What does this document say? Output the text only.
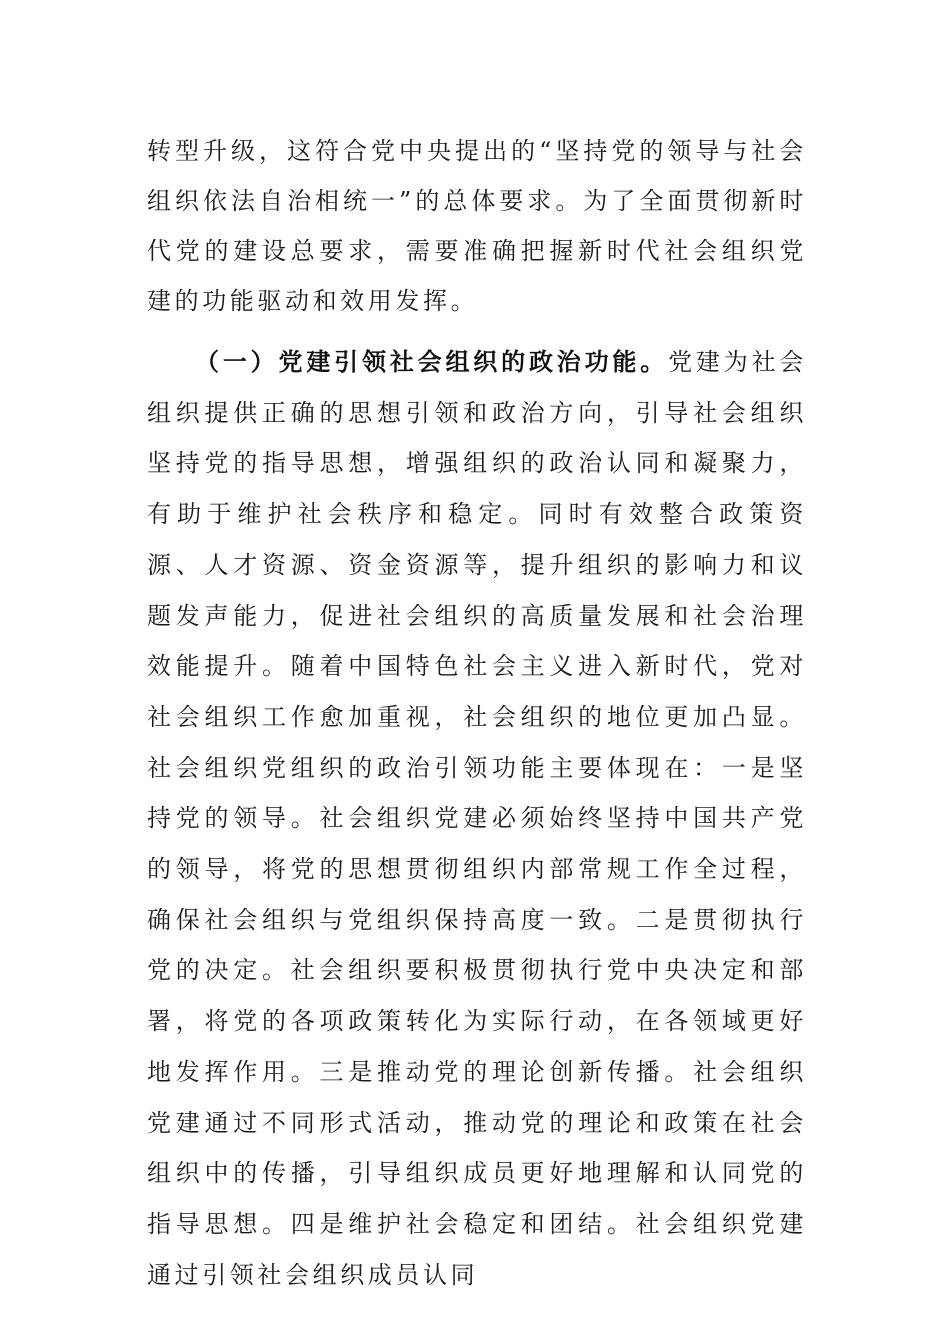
转型升级，这符合党中央提出的“坚持党的领导与社会组织依法自治相统一”的总体要求。为了全面贯彻新时代党的建设总要求，需要准确把握新时代社会组织党建的功能驱动和效用发挥。

（一）党建引领社会组织的政治功能。党建为社会组织提供正确的思想引领和政治方向，引导社会组织坚持党的指导思想，增强组织的政治认同和凝聚力，有助于维护社会秩序和稳定。同时有效整合政策资源、人才资源、资金资源等，提升组织的影响力和议题发声能力，促进社会组织的高质量发展和社会治理效能提升。随着中国特色社会主义进入新时代，党对社会组织工作愈加重视，社会组织的地位更加凸显。社会组织党组织的政治引领功能主要体现在：一是坚持党的领导。社会组织党建必须始终坚持中国共产党的领导，将党的思想贯彻组织内部常规工作全过程，确保社会组织与党组织保持高度一致。二是贯彻执行党的决定。社会组织要积极贯彻执行党中央决定和部署，将党的各项政策转化为实际行动，在各领域更好地发挥作用。三是推动党的理论创新传播。社会组织党建通过不同形式活动，推动党的理论和政策在社会组织中的传播，引导组织成员更好地理解和认同党的指导思想。四是维护社会稳定和团结。社会组织党建通过引领社会组织成员认同
